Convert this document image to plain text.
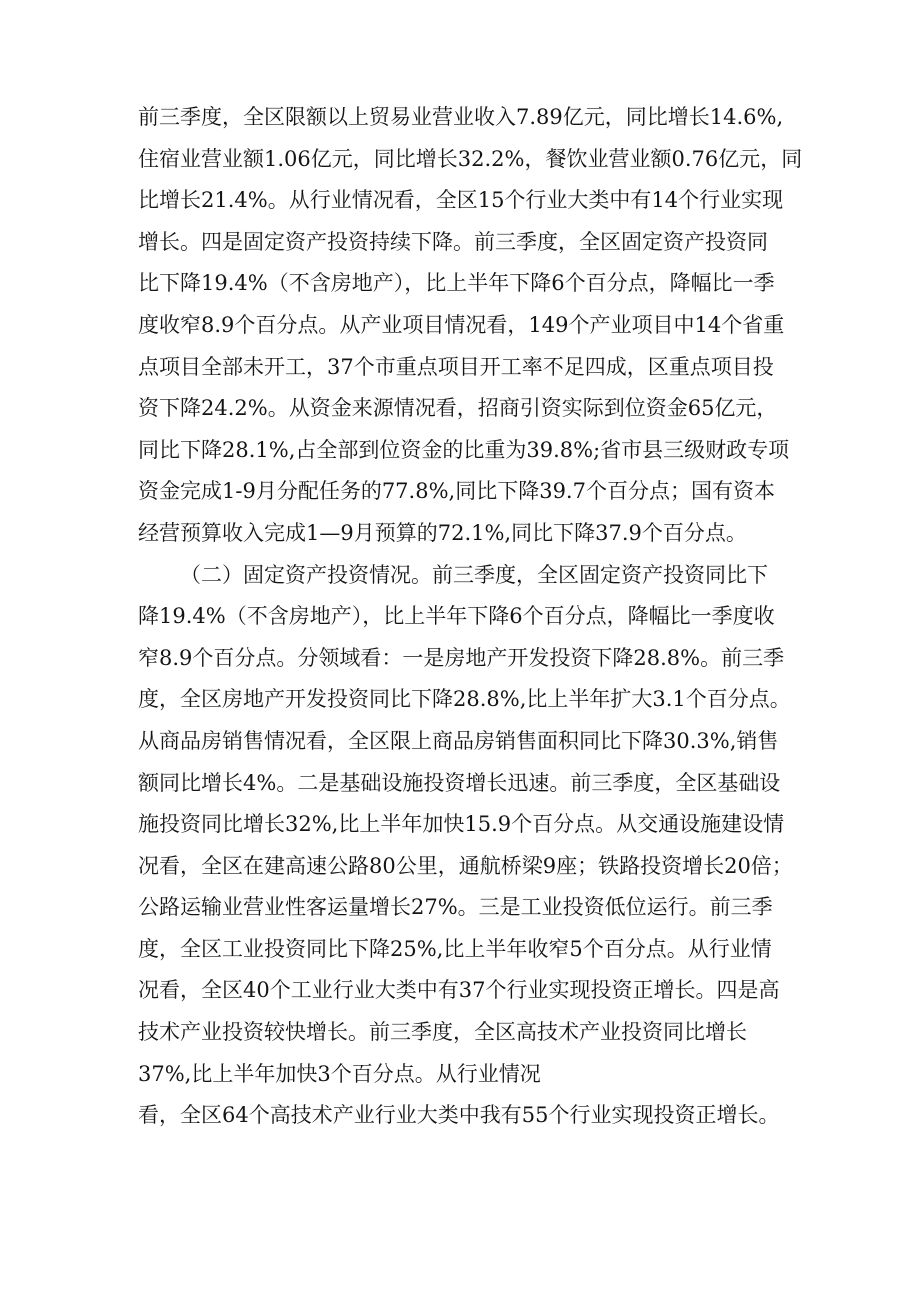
前三季度，全区限额以上贸易业营业收入7.89亿元，同比增长14.6%,
住宿业营业额1.06亿元，同比增长32.2%，餐饮业营业额0.76亿元，同
比增长21.4%。从行业情况看，全区15个行业大类中有14个行业实现
增长。四是固定资产投资持续下降。前三季度，全区固定资产投资同
比下降19.4%（不含房地产），比上半年下降6个百分点，降幅比一季
度收窄8.9个百分点。从产业项目情况看，149个产业项目中14个省重
点项目全部未开工，37个市重点项目开工率不足四成，区重点项目投
资下降24.2%。从资金来源情况看，招商引资实际到位资金65亿元，
同比下降28.1%,占全部到位资金的比重为39.8%;省市县三级财政专项
资金完成1-9月分配任务的77.8%,同比下降39.7个百分点；国有资本
经营预算收入完成1—9月预算的72.1%,同比下降37.9个百分点。
（二）固定资产投资情况。前三季度，全区固定资产投资同比下
降19.4%（不含房地产），比上半年下降6个百分点，降幅比一季度收
窄8.9个百分点。分领域看：一是房地产开发投资下降28.8%。前三季
度，全区房地产开发投资同比下降28.8%,比上半年扩大3.1个百分点。
从商品房销售情况看，全区限上商品房销售面积同比下降30.3%,销售
额同比增长4%。二是基础设施投资增长迅速。前三季度，全区基础设
施投资同比增长32%,比上半年加快15.9个百分点。从交通设施建设情
况看，全区在建高速公路80公里，通航桥梁9座；铁路投资增长20倍；
公路运输业营业性客运量增长27%。三是工业投资低位运行。前三季
度，全区工业投资同比下降25%,比上半年收窄5个百分点。从行业情
况看，全区40个工业行业大类中有37个行业实现投资正增长。四是高
技术产业投资较快增长。前三季度，全区高技术产业投资同比增长
37%,比上半年加快3个百分点。从行业情况
看，全区64个高技术产业行业大类中我有55个行业实现投资正增长。
